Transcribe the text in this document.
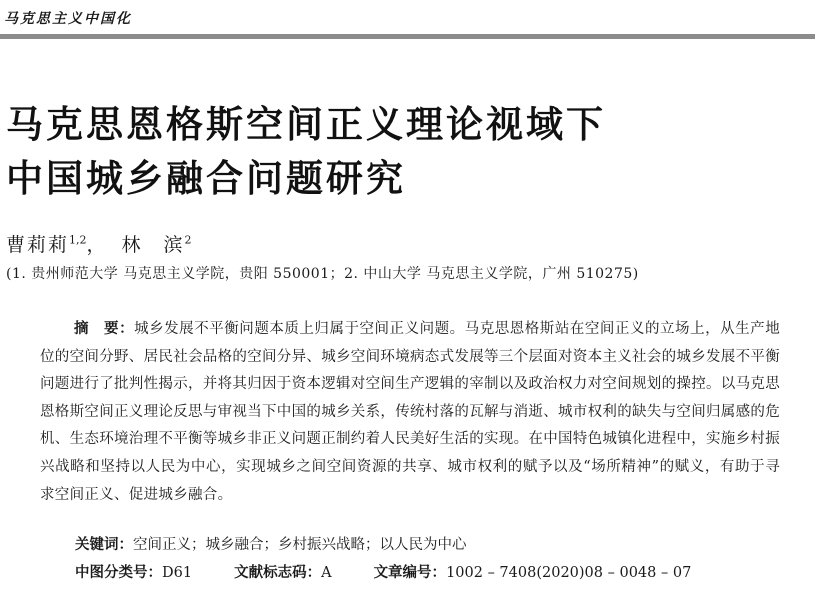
马克思主义中国化
马克思恩格斯空间正义理论视域下
中国城乡融合问题研究
曹莉莉$^{1,2}$， 林　滨$^2$
(1. 贵州师范大学 马克思主义学院，贵阳 550001；2. 中山大学 马克思主义学院，广州 510275)
摘　要：城乡发展不平衡问题本质上归属于空间正义问题。马克思恩格斯站在空间正义的立场上，从生产地位的空间分野、居民社会品格的空间分异、城乡空间环境病态式发展等三个层面对资本主义社会的城乡发展不平衡问题进行了批判性揭示，并将其归因于资本逻辑对空间生产逻辑的宰制以及政治权力对空间规划的操控。以马克思恩格斯空间正义理论反思与审视当下中国的城乡关系，传统村落的瓦解与消逝、城市权利的缺失与空间归属感的危机、生态环境治理不平衡等城乡非正义问题正制约着人民美好生活的实现。在中国特色城镇化进程中，实施乡村振兴战略和坚持以人民为中心，实现城乡之间空间资源的共享、城市权利的赋予以及“场所精神”的赋义，有助于寻求空间正义、促进城乡融合。
关键词：空间正义；城乡融合；乡村振兴战略；以人民为中心
中图分类号：D61	文献标志码：A	文章编号：1002 – 7408(2020)08 – 0048 – 07
